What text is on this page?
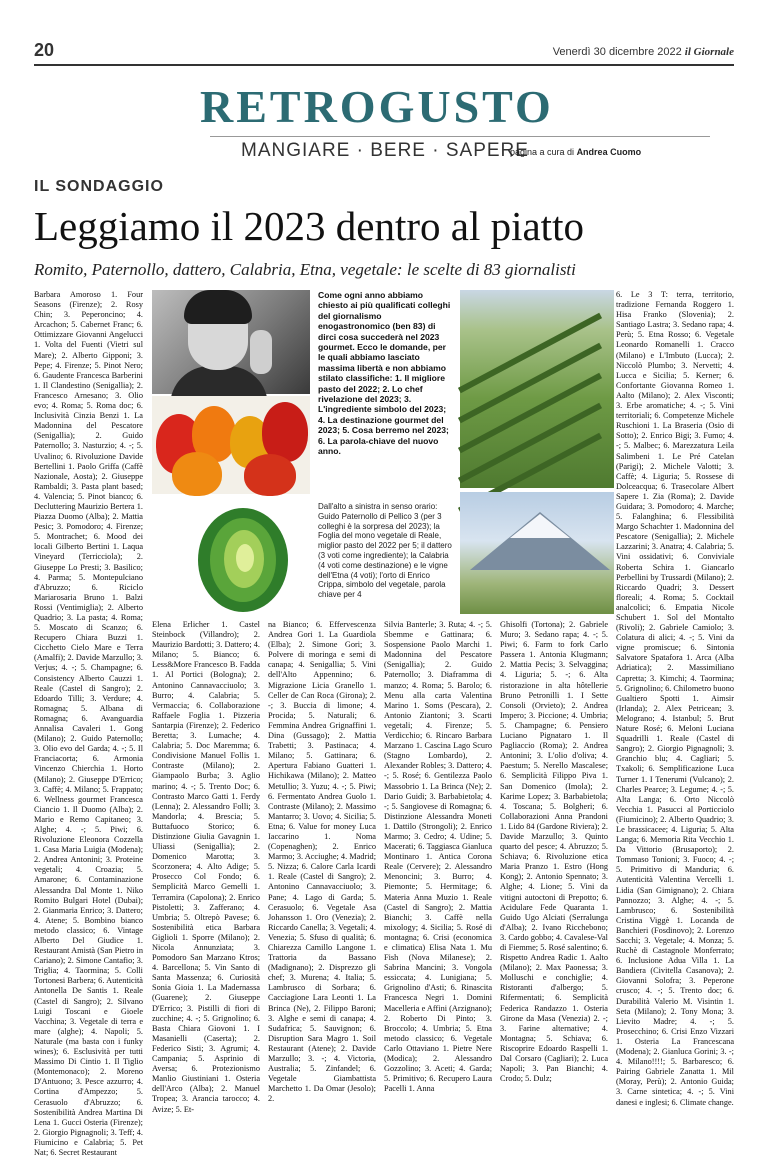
20	Venerdì 30 dicembre 2022 il Giornale
RETROGUSTO
MANGIARE · BERE · SAPERE
pagina a cura di Andrea Cuomo
IL SONDAGGIO
Leggiamo il 2023 dentro al piatto
Romito, Paternollo, dattero, Calabria, Etna, vegetale: le scelte di 83 giornalisti
Barbara Amoroso 1. Four Seasons (Firenze); 2. Rosy Chin; 3. Peperoncino; 4. Arcachon; 5. Cabernet Franc; 6. Ottimizzare Giovanni Angelucci 1. Volta del Fuenti (Vietri sul Mare); 2. Alberto Gipponi; 3. Pepe; 4. Firenze; 5. Pinot Nero; 6. Gaudente Francesca Barberini 1. Il Clandestino (Senigallia); 2. Francesco Arnesano; 3. Olio evo; 4. Roma; 5. Roma doc; 6. Inclusività Cinzia Benzi 1. La Madonnina del Pescatore (Senigallia); 2. Guido Paternollo; 3. Nasturzio; 4. -; 5. Uvalino; 6. Rivoluzione Davide Bertellini 1. Paolo Griffa (Caffè Nazionale, Aosta); 2. Giuseppe Rambaldi; 3. Pasta plant based; 4. Valencia; 5. Pinot bianco; 6. Decluttering Maurizio Bertera 1. Piazza Duomo (Alba); 2. Mattia Pesic; 3. Pomodoro; 4. Firenze; 5. Montrachet; 6. Mood dei locali Gilberto Bertini 1. Laqua Vineyard (Terricciola); 2. Giuseppe Lo Presti; 3. Basilico; 4. Parma; 5. Montepulciano d'Abruzzo; 6. Riciclo Mariarosaria Bruno 1. Balzi Rossi (Ventimiglia); 2. Alberto Quadrio; 3. La pasta; 4. Roma; 5. Moscato di Scanzo; 6. Recupero Chiara Buzzi 1. Cicchetto Cielo Mare e Terra (Amalfi); 2. Davide Marzullo; 3. Verjus; 4. -; 5. Champagne; 6. Consistency Alberto Cauzzi 1. Reale (Castel di Sangro); 2. Edoardo Tilli; 3. Verdure; 4. Romagna; 5. Albana di Romagna; 6. Avanguardia Annalisa Cavaleri 1. Gong (Milano); 2. Guido Paternollo; 3. Olio evo del Garda; 4. -; 5. Il Franciacorta; 6. Armonia Vincenzo Chierchia 1. Horto (Milano); 2. Giuseppe D'Errico; 3. Caffè; 4. Milano; 5. Frappato; 6. Wellness gourmet Francesca Ciancio 1. Il Duomo (Alba); 2. Mario e Remo Capitaneo; 3. Alghe; 4. -; 5. Piwi; 6. Rivoluzione Eleonora Cozzella 1. Casa Maria Luigia (Modena); 2. Andrea Antonini; 3. Proteine vegetali; 4. Croazia; 5. Amarone; 6. Contaminazione Alessandra Dal Monte 1. Niko Romito Bulgari Hotel (Dubai); 2. Gianmaria Enrico; 3. Dattero; 4. Atene; 5. Bombino bianco metodo classico; 6. Vintage Alberto Del Giudice 1. Restaurant Amistà (San Pietro in Cariano); 2. Simone Cantafio; 3. Triglia; 4. Taormina; 5. Colli Tortonesi Barbera; 6. Autenticità Antonella De Santis 1. Reale (Castel di Sangro); 2. Silvano Luigi Toscani e Gioele Vacchina; 3. Vegetale di terra e mare (alghe); 4. Napoli; 5. Naturale (ma basta con i funky wines); 6. Esclusività per tutti Massimo Di Cintio 1. Il Tiglio (Montemonaco); 2. Moreno D'Antuono; 3. Pesce azzurro; 4. Cortina d'Ampezzo; 5. Cerasuolo d'Abruzzo; 6. Sostenibilità Andrea Martina Di Lena 1. Gucci Osteria (Firenze); 2. Giorgio Pignagnoli; 3. Teff; 4. Fiumicino e Calabria; 5. Pet Nat; 6. Secret Restaurant
Come ogni anno abbiamo chiesto ai più qualificati colleghi del giornalismo enogastronomico (ben 83) di dirci cosa succederà nel 2023 gourmet. Ecco le domande, per le quali abbiamo lasciato massima libertà e non abbiamo stilato classifiche: 1. Il migliore pasto del 2022; 2. Lo chef rivelazione del 2023; 3. L'ingrediente simbolo del 2023; 4. La destinazione gourmet del 2023; 5. Cosa berremo nel 2023; 6. La parola-chiave del nuovo anno.
Dall'alto a sinistra in senso orario: Guido Paternollo di Pellico 3 (per 3 colleghi è la sorpresa del 2023); la Foglia del mono vegetale di Reale, miglior pasto del 2022 per 5; il dattero (3 voti come ingrediente); la Calabria (4 voti come destinazione) e le vigne dell'Etna (4 voti); l'orto di Enrico Crippa, simbolo del vegetale, parola chiave per 4
Elena Erlicher 1. Castel Steinbock (Villandro); 2. Maurizio Bardotti; 3. Dattero; 4. Milano; 5. Bianco; 6. Less&More Francesco B. Fadda 1. Al Portici (Bologna); 2. Antonino Cannavacciuolo; 3. Burro; 4. Calabria; 5. Vermaccia; 6. Collaborazione Raffaele Foglia 1. Pizzeria Santarpia (Firenze); 2. Federico Beretta; 3. Lumache; 4. Calabria; 5. Doc Maremma; 6. Condivisione Manuel Follis 1. Contraste (Milano); 2. Giampaolo Burba; 3. Aglio marino; 4. -; 5. Trento Doc; 6. Contrasto Marco Gatti 1. Ferdy (Lenna); 2. Alessandro Folli; 3. Mandorla; 4. Brescia; 5. Buttafuoco Storico; 6. Distinzione Giulia Gavagnin 1. Uliassi (Senigallia); 2. Domenico Marotta; 3. Scorzonera; 4. Alto Adige; 5. Prosecco Col Fondo; 6. Semplicità Marco Gemelli 1. Terramira (Capolona); 2. Enrico Pistoletti; 3. Zafferano; 4. Umbria; 5. Oltrepò Pavese; 6. Sostenibilità etica Barbara Giglioli 1. Sporre (Milano); 2. Nicola Annunziata; 3. Pomodoro San Marzano Ktros; 4. Barcellona; 5. Vin Santo di Santa Massenza; 6. Curiosità Sonia Gioia 1. La Madernassa (Guarene); 2. Giuseppe D'Errico; 3. Pistilli di fiori di zucchine; 4. -; 5. Grignolino; 6. Basta Chiara Giovoni 1. I Masanielli (Caserta); 2. Federico Sisti; 3. Agrumi; 4. Campania; 5. Asprinio di Aversa; 6. Protezionismo Manlio Giustiniani 1. Osteria dell'Arco (Alba); 2. Manuel Tropea; 3. Arancia tarocco; 4. Avize; 5. Et-
na Bianco; 6. Effervescenza Andrea Gori 1. La Guardiola (Elba); 2. Simone Gori; 3. Polvere di moringa e semi di canapa; 4. Senigallia; 5. Vini dell'Alto Appennino; 6. Migrazione Licia Granello 1. Celler de Can Roca (Girona); 2. -; 3. Buccia di limone; 4. Procida; 5. Naturali; 6. Femmina Andrea Grignaffini 1. Dina (Gussago); 2. Mattia Trabetti; 3. Pastinaca; 4. Milano; 5. Gattinara; 6. Apertura Fabiano Guatteri 1. Hichikawa (Milano); 2. Matteo Metullio; 3. Yuzu; 4. -; 5. Piwi; 6. Fermentato Andrea Guolo 1. Contraste (Milano); 2. Massimo Mantarro; 3. Uovo; 4. Sicilia; 5. Etna; 6. Value for money Luca Iaccarino 1. Noma (Copenaghen); 2. Enrico Marmo; 3. Acciughe; 4. Madrid; 5. Nizza; 6. Calore Carla Icardi 1. Reale (Castel di Sangro); 2. Antonino Cannavacciuolo; 3. Pane; 4. Lago di Garda; 5. Cerasuolo; 6. Vegetale Asa Johansson 1. Oro (Venezia); 2. Riccardo Canella; 3. Vegetali; 4. Venezia; 5. Sfuso di qualità; 6. Chiarezza Camillo Langone 1. Trattoria da Bassano (Madignano); 2. Disprezzo gli chef; 3. Murena; 4. Italia; 5. Lambrusco di Sorbara; 6. Cacciagione Lara Leonti 1. La Brinca (Ne), 2. Filippo Baroni; 3. Alghe e semi di canapa; 4. Sudafrica; 5. Sauvignon; 6. Disruption Sara Magro 1. Soil Restaurant (Atene); 2. Davide Marzullo; 3. -; 4. Victoria, Australia; 5. Zinfandel; 6. Vegetale Giambattista Marchetto 1. Da Omar (Jesolo); 2.
Silvia Banterle; 3. Ruta; 4. -; 5. Sbemme e Gattinara; 6. Sospensione Paolo Marchi 1. Madonnina del Pescatore (Senigallia); 2. Guido Paternollo; 3. Diaframma di manzo; 4. Roma; 5. Barolo; 6. Menu alla carta Valentina Marino 1. Soms (Pescara), 2. Antonio Ziantoni; 3. Scarti vegetali; 4. Firenze; 5. Verdicchio; 6. Rincaro Barbara Marzano 1. Cascina Lago Scuro (Stagno Lombardo), 2. Alexander Robles; 3. Dattero; 4. -; 5. Rosé; 6. Gentilezza Paolo Massobrio 1. La Brinca (Ne); 2. Dario Guidi; 3. Barbabietola; 4. -; 5. Sangiovese di Romagna; 6. Distinzione Alessandra Moneti 1. Dattilo (Strongoli); 2. Enrico Marmo; 3. Cedro; 4. Udine; 5. Macerati; 6. Taggiasca Gianluca Montinaro 1. Antica Corona Reale (Cervere); 2. Alessandro Menoncini; 3. Burro; 4. Piemonte; 5. Hermitage; 6. Materia Anna Muzio 1. Reale (Castel di Sangro); 2. Mattia Bianchi; 3. Caffè nella mixology; 4. Sicilia; 5. Rosé di montagna; 6. Crisi (economica e climatica) Elisa Nata 1. Mu Fish (Nova Milanese); 2. Sabrina Mancini; 3. Vongola essiccata; 4. Lunigiana; 5. Grignolino d'Asti; 6. Rinascita Francesca Negri 1. Domini Macelleria e Affini (Arzignano); 2. Roberto Di Pinto; 3. Broccolo; 4. Umbria; 5. Etna metodo classico; 6. Vegetale Carlo Ottaviano 1. Pietre Nere (Modica); 2. Alessandro Gozzolino; 3. Aceti; 4. Garda; 5. Primitivo; 6. Recupero Laura Pacelli 1. Anna
Ghisolfi (Tortona); 2. Gabriele Muro; 3. Sedano rapa; 4. -; 5. Piwi; 6. Farm to fork Carlo Passera 1. Antonia Klugmann; 2. Mattia Pecis; 3. Selvaggina; 4. Liguria; 5. -; 6. Alta ristorazione in alta hôtellerie Bruno Petronilli 1. I Sette Consoli (Orvieto); 2. Andrea Impero; 3. Piccione; 4. Umbria; 5. Champagne; 6. Pensiero Luciano Pignataro 1. Il Pagliaccio (Roma); 2. Andrea Antonini; 3. L'olio d'oliva; 4. Paestum; 5. Nerello Mascalese; 6. Semplicità Filippo Piva 1. San Domenico (Imola); 2. Karime Lopez; 3. Barbabietola; 4. Toscana; 5. Bolgheri; 6. Collaborazioni Anna Prandoni 1. Lido 84 (Gardone Riviera); 2. Davide Marzullo; 3. Quinto quarto del pesce; 4. Abruzzo; 5. Schiava; 6. Rivoluzione etica Maria Pranzo 1. Estro (Hong Kong); 2. Antonio Spennato; 3. Alghe; 4. Lione; 5. Vini da vitigni autoctoni di Prepotto; 6. Acidulare Fede Quaranta 1. Guido Ugo Alciati (Serralunga d'Alba); 2. Ivano Ricchebono; 3. Cardo gobbo; 4. Cavalese-Val di Fiemme; 5. Rosé salentino; 6. Rispetto Andrea Radic 1. Aalto (Milano); 2. Max Paonessa; 3. Molluschi e conchiglie; 4. Ristoranti d'albergo; 5. Rifermentati; 6. Semplicità Federica Randazzo 1. Osteria Girone da Masa (Venezia) 2. -; 3. Farine alternative; 4. Montagna; 5. Schiava; 6. Riscoprire Edoardo Raspelli 1. Dal Corsaro (Cagliari); 2. Luca Napoli; 3. Pan Bianchi; 4. Crodo; 5. Dulz;
6. Le 3 T: terra, territorio, tradizione Fernanda Roggero 1. Hisa Franko (Slovenia); 2. Santiago Lastra; 3. Sedano rapa; 4. Perù; 5. Etna Rosso; 6. Vegetale Leonardo Romanelli 1. Cracco (Milano) e L'Imbuto (Lucca); 2. Niccolò Plumbo; 3. Nervetti; 4. Lucca e Sicilia; 5. Kerner; 6. Confortante Giovanna Romeo 1. Aalto (Milano); 2. Alex Visconti; 3. Erbe aromatiche; 4. -; 5. Vini territoriali; 6. Competenze Michele Ruschioni 1. La Braseria (Osio di Sotto); 2. Enrico Bigi; 3. Fumo; 4. -; 5. Malbec; 6. Marezzatura Leila Salimbeni 1. Le Pré Catelan (Parigi); 2. Michele Valotti; 3. Caffè; 4. Liguria; 5. Rossese di Dolceacqua; 6. Trasecolare Albert Sapere 1. Zia (Roma); 2. Davide Guidara; 3. Pomodoro; 4. Marche; 5. Falanghina; 6. Flessibilità Margo Schachter 1. Madonnina del Pescatore (Senigallia); 2. Michele Lazzarini; 3. Anatra; 4. Calabria; 5. Vini ossidativi; 6. Conviviale Roberta Schira 1. Giancarlo Perbellini by Trussardi (Milano); 2. Riccardo Quadri; 3. Dessert floreali; 4. Roma; 5. Cocktail analcolici; 6. Empatia Nicole Schubert 1. Sol del Montalto (Rivoli); 2. Gabriele Camiolo; 3. Colatura di alici; 4. -; 5. Vini da vigne promiscue; 6. Sintonia Salvatore Spatafora 1. Arca (Alba Adriatica); 2. Massimiliano Capretta; 3. Kimchi; 4. Taormina; 5. Grignolino; 6. Chilometro buono Gualtiero Spotti 1. Aimsir (Irlanda); 2. Alex Petricean; 3. Melograno; 4. Istanbul; 5. Brut Nature Rosé; 6. Meloni Luciana Squadrilli 1. Reale (Castel di Sangro); 2. Giorgio Pignagnoli; 3. Granchio blu; 4. Cagliari; 5. Txakoli; 6. Semplificazione Luca Turner 1. I Tenerumi (Vulcano); 2. Charles Pearce; 3. Legume; 4. -; 5. Alta Langa; 6. Orto Niccolò Vecchia 1. Pasucci al Porticciolo (Fiumicino); 2. Alberto Quadrio; 3. Le brassicacee; 4. Liguria; 5. Alta Langa; 6. Memoria Rita Vecchio 1. Da Vittorio (Brusaporto); 2. Tommaso Tonioni; 3. Fuoco; 4. -; 5. Primitivo di Manduria; 6. Autenticità Valentina Vercelli 1. Lidia (San Gimignano); 2. Chiara Pannozzo; 3. Alghe; 4. -; 5. Lambrusco; 6. Sostenibilità Cristina Viggè 1. Locanda de Banchieri (Fosdinovo); 2. Lorenzo Sacchi; 3. Vegetale; 4. Monza; 5. Ruchè di Castagnole Monferrato; 6. Inclusione Adua Villa 1. La Bandiera (Civitella Casanova); 2. Giovanni Solofra; 3. Peperone crusco; 4. -; 5. Trento doc; 6. Durabilità Valerio M. Visintin 1. Seta (Milano); 2. Tony Mona; 3. Lievito Madre; 4. -; 5. Prosecchino; 6. Crisi Enzo Vizzari 1. Osteria La Francescana (Modena); 2. Gianluca Gorini; 3. -; 4. Milano!!!!; 5. Barbaresco; 6. Pairing Gabriele Zanatta 1. Mil (Moray, Perù); 2. Antonio Guida; 3. Carne sintetica; 4. -; 5. Vini danesi e inglesi; 6. Climate change.
